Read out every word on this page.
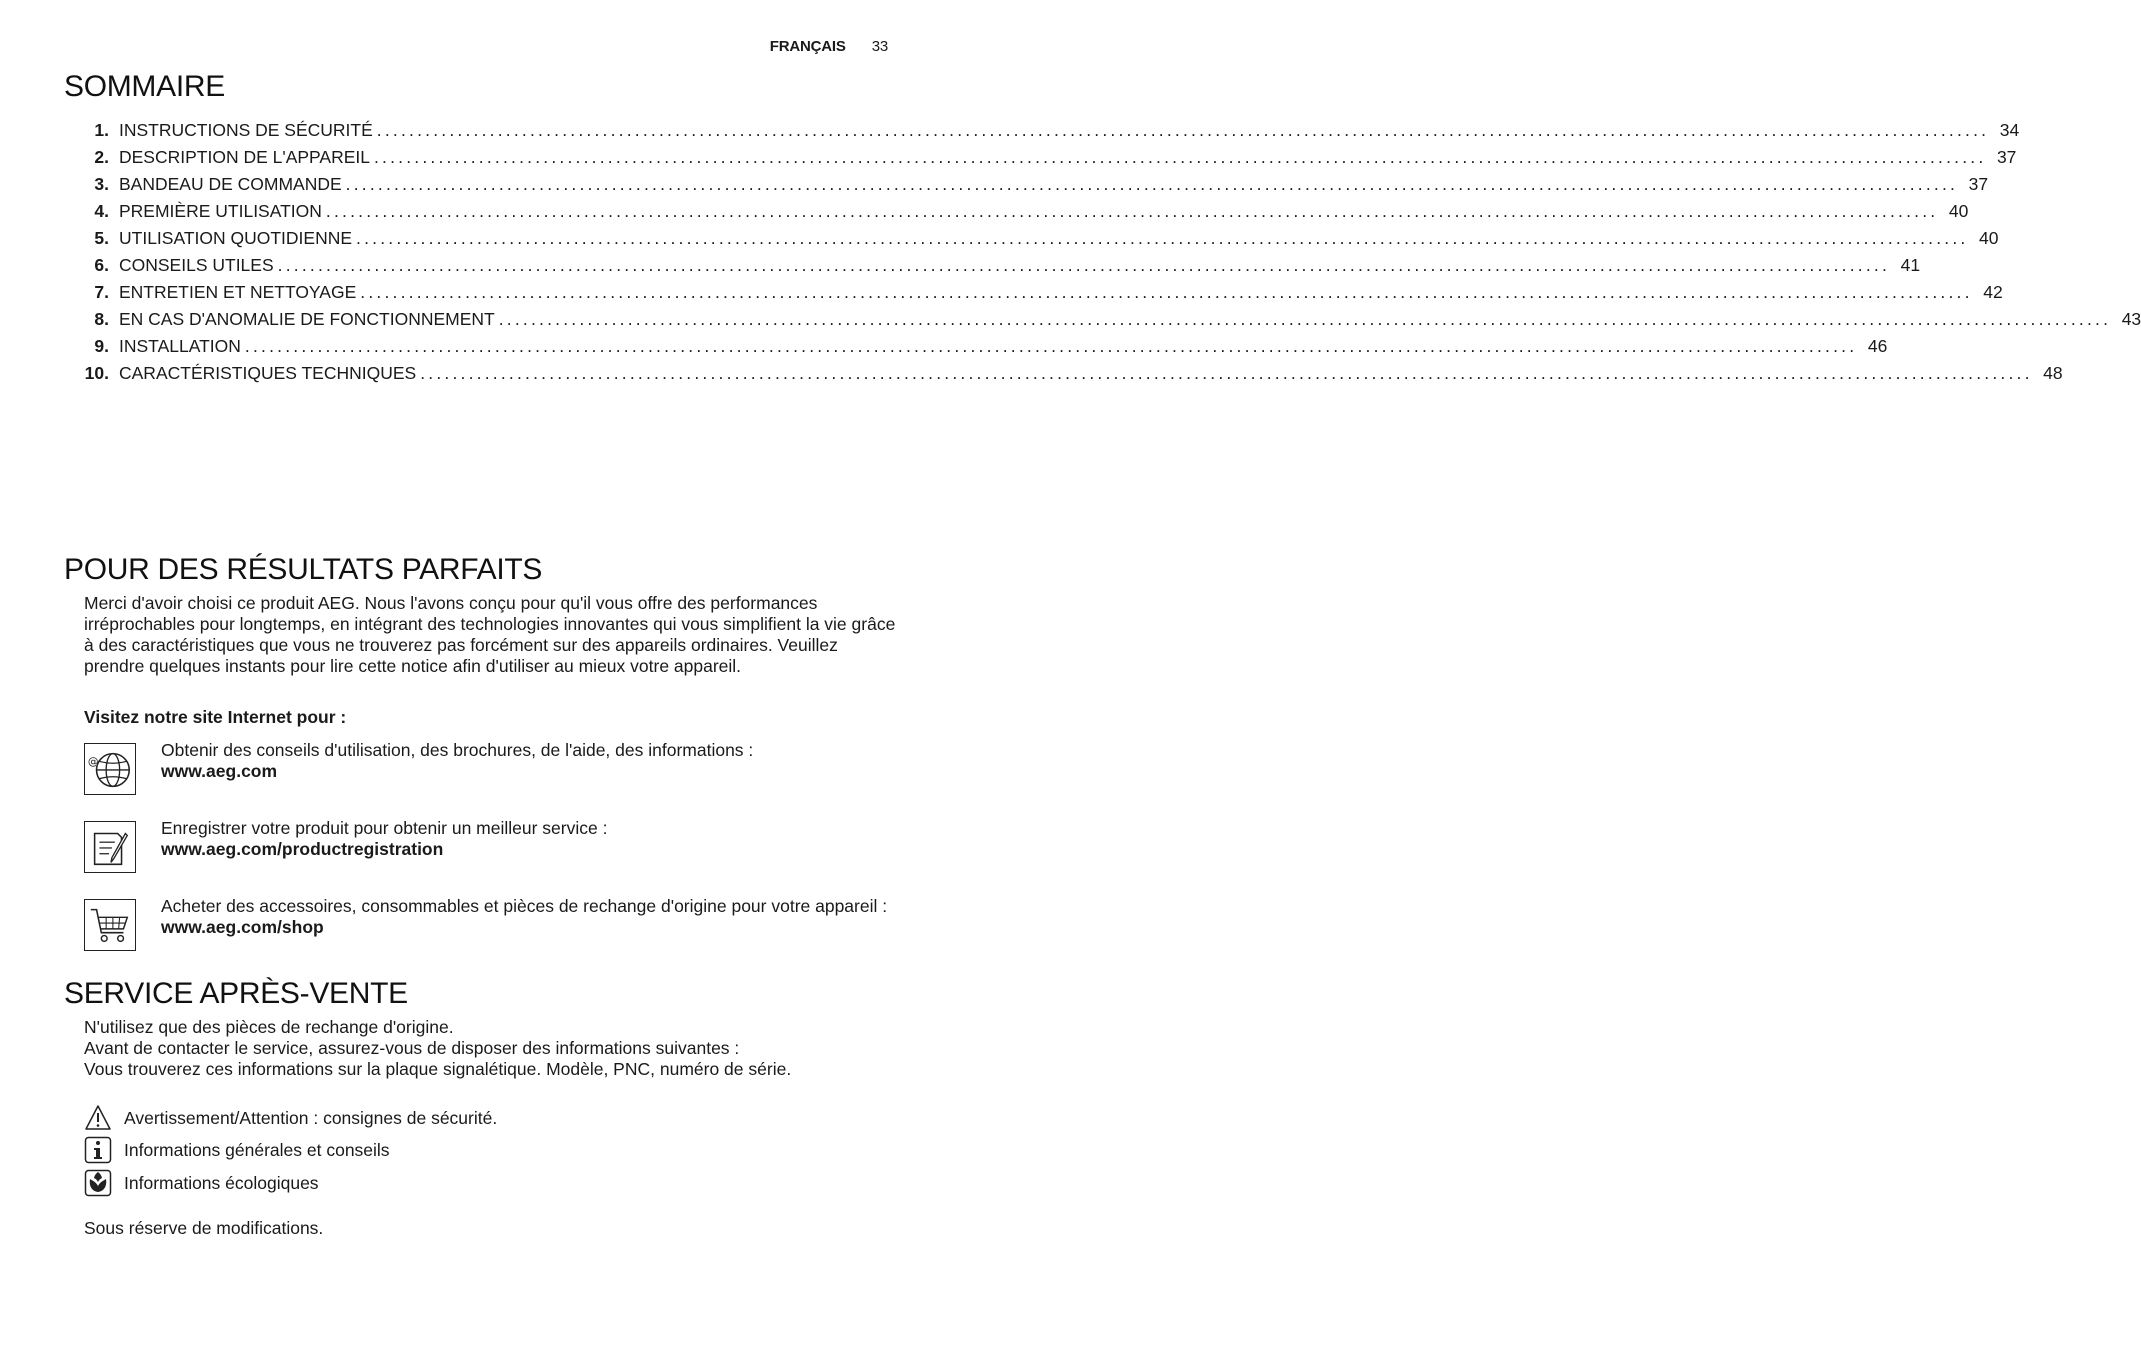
FRANÇAIS 33
SOMMAIRE
1. INSTRUCTIONS DE SÉCURITÉ ........................................................................................................................................................................................................ 34
2. DESCRIPTION DE L'APPAREIL ........................................................................................................................................................................................................ 37
3. BANDEAU DE COMMANDE ........................................................................................................................................................................................................ 37
4. PREMIÈRE UTILISATION ........................................................................................................................................................................................................ 40
5. UTILISATION QUOTIDIENNE ........................................................................................................................................................................................................ 40
6. CONSEILS UTILES ........................................................................................................................................................................................................ 41
7. ENTRETIEN ET NETTOYAGE ........................................................................................................................................................................................................ 42
8. EN CAS D'ANOMALIE DE FONCTIONNEMENT ........................................................................................................................................................................................................ 43
9. INSTALLATION ........................................................................................................................................................................................................ 46
10. CARACTÉRISTIQUES TECHNIQUES ........................................................................................................................................................................................................ 48
POUR DES RÉSULTATS PARFAITS

Merci d'avoir choisi ce produit AEG. Nous l'avons conçu pour qu'il vous offre des performances irréprochables pour longtemps, en intégrant des technologies innovantes qui vous simplifient la vie grâce à des caractéristiques que vous ne trouverez pas forcément sur des appareils ordinaires. Veuillez prendre quelques instants pour lire cette notice afin d'utiliser au mieux votre appareil.

Visitez notre site Internet pour :
@
Obtenir des conseils d'utilisation, des brochures, de l'aide, des informations :
www.aeg.com
Enregistrer votre produit pour obtenir un meilleur service :
www.aeg.com/productregistration
Acheter des accessoires, consommables et pièces de rechange d'origine pour votre appareil :
www.aeg.com/shop
SERVICE APRÈS-VENTE
N'utilisez que des pièces de rechange d'origine.
Avant de contacter le service, assurez-vous de disposer des informations suivantes :
Vous trouverez ces informations sur la plaque signalétique. Modèle, PNC, numéro de série.
Avertissement/Attention : consignes de sécurité.
Informations générales et conseils
Informations écologiques
Sous réserve de modifications.
